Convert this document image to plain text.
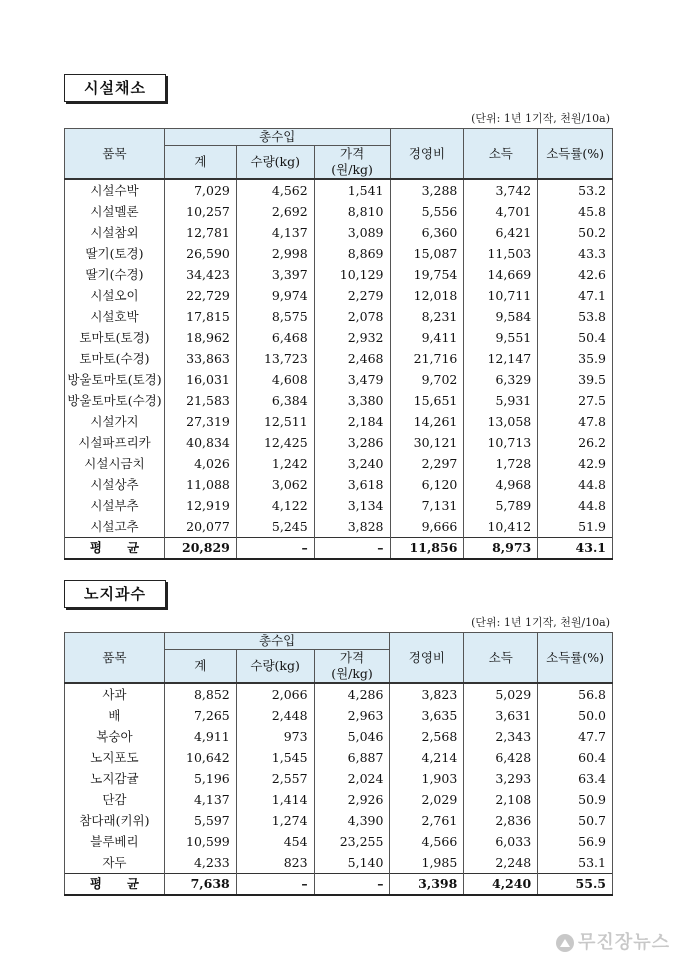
시설채소
(단위: 1년 1기작, 천원/10a)
품목	총수입			경영비	소득	소득률(%)
	계	수량(kg)	가격(원/kg)			
시설수박	7,029	4,562	1,541	3,288	3,742	53.2
시설멜론	10,257	2,692	8,810	5,556	4,701	45.8
시설참외	12,781	4,137	3,089	6,360	6,421	50.2
딸기(토경)	26,590	2,998	8,869	15,087	11,503	43.3
딸기(수경)	34,423	3,397	10,129	19,754	14,669	42.6
시설오이	22,729	9,974	2,279	12,018	10,711	47.1
시설호박	17,815	8,575	2,078	8,231	9,584	53.8
토마토(토경)	18,962	6,468	2,932	9,411	9,551	50.4
토마토(수경)	33,863	13,723	2,468	21,716	12,147	35.9
방울토마토(토경)	16,031	4,608	3,479	9,702	6,329	39.5
방울토마토(수경)	21,583	6,384	3,380	15,651	5,931	27.5
시설가지	27,319	12,511	2,184	14,261	13,058	47.8
시설파프리카	40,834	12,425	3,286	30,121	10,713	26.2
시설시금치	4,026	1,242	3,240	2,297	1,728	42.9
시설상추	11,088	3,062	3,618	6,120	4,968	44.8
시설부추	12,919	4,122	3,134	7,131	5,789	44.8
시설고추	20,077	5,245	3,828	9,666	10,412	51.9
평　　균	20,829	–	–	11,856	8,973	43.1
노지과수
(단위: 1년 1기작, 천원/10a)
품목	총수입			경영비	소득	소득률(%)
	계	수량(kg)	가격(원/kg)			
사과	8,852	2,066	4,286	3,823	5,029	56.8
배	7,265	2,448	2,963	3,635	3,631	50.0
복숭아	4,911	973	5,046	2,568	2,343	47.7
노지포도	10,642	1,545	6,887	4,214	6,428	60.4
노지감귤	5,196	2,557	2,024	1,903	3,293	63.4
단감	4,137	1,414	2,926	2,029	2,108	50.9
참다래(키위)	5,597	1,274	4,390	2,761	2,836	50.7
블루베리	10,599	454	23,255	4,566	6,033	56.9
자두	4,233	823	5,140	1,985	2,248	53.1
평　　균	7,638	–	–	3,398	4,240	55.5
무진장뉴스
